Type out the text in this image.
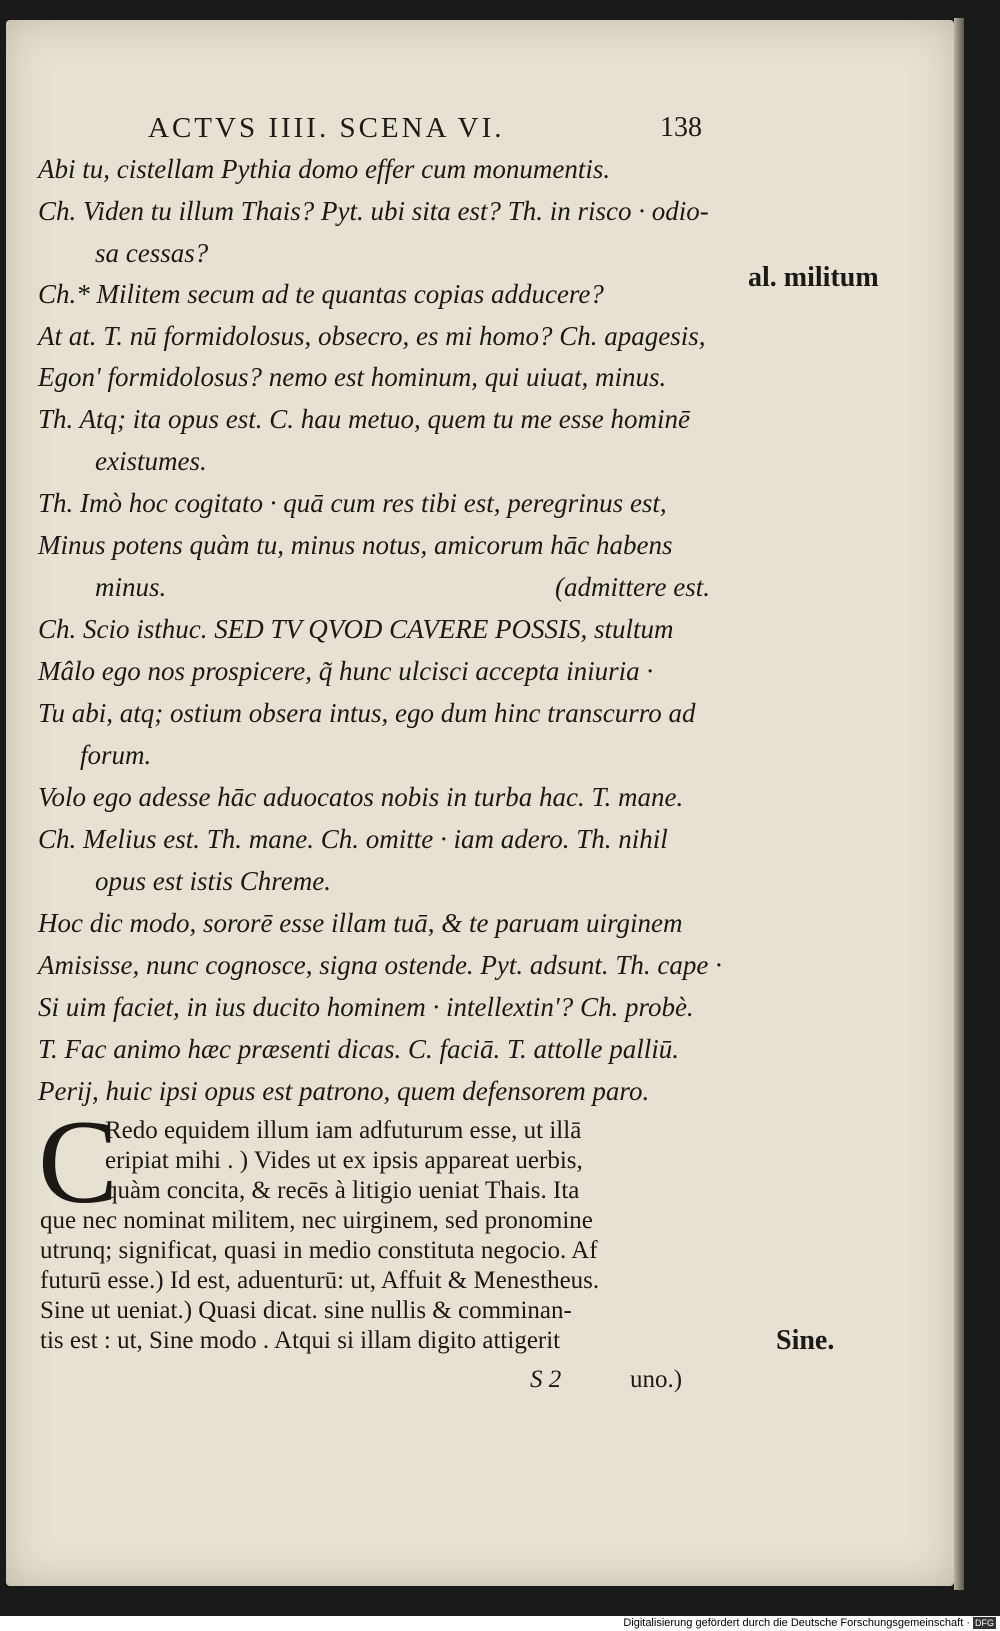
ACTVS IIII. SCENA VI.	138

Abi tu, cistellam Pythia domo effer cum monumentis.

Ch. Viden tu illum Thais? Pyt. ubi sita est? Th. in risco · odio-

sa cessas?

Ch.* Militem secum ad te quantas copias adducere?

At at. T. nū formidolosus, obsecro, es mi homo? Ch. apagesis,

Egon' formidolosus? nemo est hominum, qui uiuat, minus.

Th. Atq; ita opus est. C. hau metuo, quem tu me esse hominē

existumes.

Th. Imò hoc cogitato · quā cum res tibi est, peregrinus est,

Minus potens quàm tu, minus notus, amicorum hāc habens

minus.	(admittere est.

Ch. Scio isthuc. SED TV QVOD CAVERE POSSIS, stultum

Mâlo ego nos prospicere, q̃ hunc ulcisci accepta iniuria ·

Tu abi, atq; ostium obsera intus, ego dum hinc transcurro ad

forum.

Volo ego adesse hāc aduocatos nobis in turba hac. T. mane.

Ch. Melius est. Th. mane. Ch. omitte · iam adero. Th. nihil

opus est istis Chreme.

Hoc dic modo, sororē esse illam tuā, & te paruam uirginem

Amisisse, nunc cognosce, signa ostende. Pyt. adsunt. Th. cape ·

Si uim faciet, in ius ducito hominem · intellextin'? Ch. probè.

T. Fac animo hæc præsenti dicas. C. faciā. T. attolle palliū.

Perij, huic ipsi opus est patrono, quem defensorem paro.

al. militum
Sine.
C
Redo equidem illum iam adfuturum esse, ut illā
eripiat mihi . ) Vides ut ex ipsis appareat uerbis,
quàm concita, & recēs à litigio ueniat Thais. Ita
que nec nominat militem, nec uirginem, sed pronomine
utrunq; significat, quasi in medio constituta negocio. Af
futurū esse.) Id est, aduenturū: ut, Affuit & Menestheus.
Sine ut ueniat.) Quasi dicat. sine nullis & comminan-
tis est : ut, Sine modo . Atqui si illam digito attigerit
S 2	uno.)
Digitalisierung gefördert durch die Deutsche Forschungsgemeinschaft · DFG
